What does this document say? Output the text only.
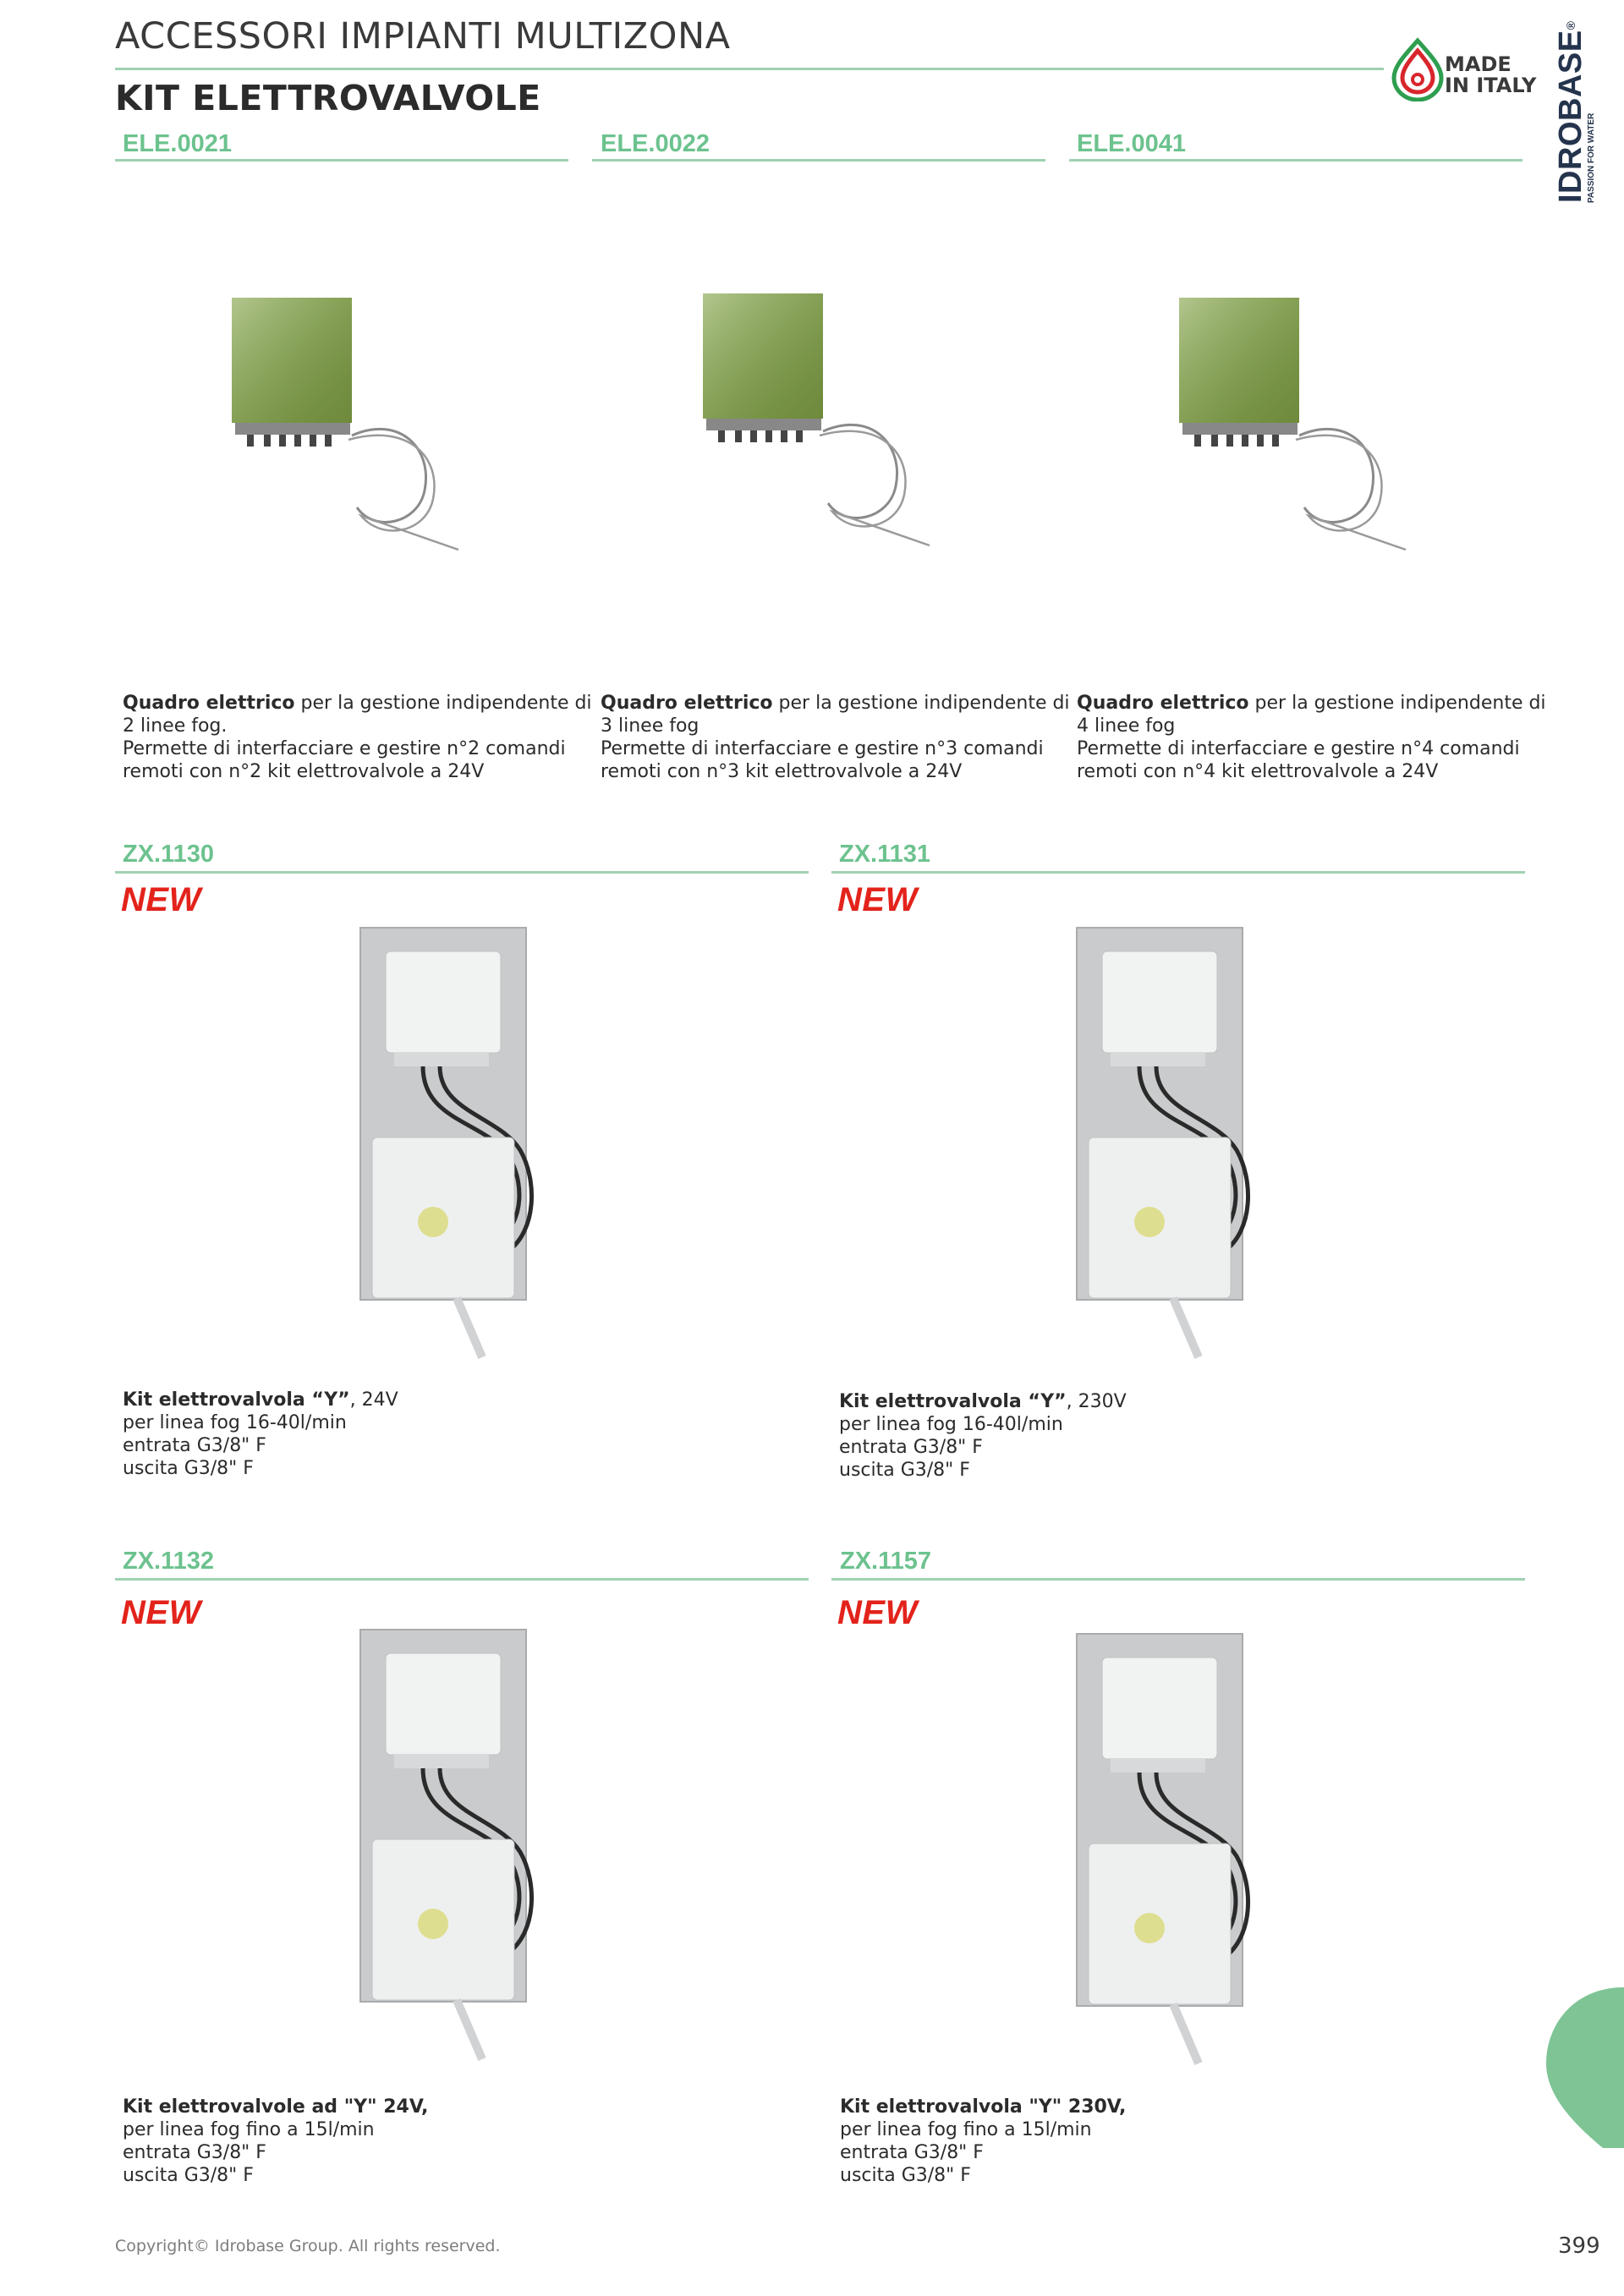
ACCESSORI IMPIANTI MULTIZONA
KIT ELETTROVALVOLE
MADE
IN ITALY IDROBASE®
PASSION FOR WATER
ELE.0021	ELE.0022	ELE.0041
Quadro elettrico per la gestione indipendente di
2 linee fog.
Permette di interfacciare e gestire n°2 comandi
remoti con n°2 kit elettrovalvole a 24V
Quadro elettrico per la gestione indipendente di
3 linee fog
Permette di interfacciare e gestire n°3 comandi
remoti con n°3 kit elettrovalvole a 24V
Quadro elettrico per la gestione indipendente di
4 linee fog
Permette di interfacciare e gestire n°4 comandi
remoti con n°4 kit elettrovalvole a 24V
ZX.1130
NEW
ZX.1131
NEW
Kit elettrovalvola “Y”, 24V
per linea fog 16-40l/min
entrata G3/8" F
uscita G3/8" F
Kit elettrovalvola “Y”, 230V
per linea fog 16-40l/min
entrata G3/8" F
uscita G3/8" F
ZX.1132
NEW
ZX.1157
NEW
Kit elettrovalvole ad "Y" 24V,
per linea fog fino a 15l/min
entrata G3/8" F
uscita G3/8" F
Kit elettrovalvola "Y" 230V,
per linea fog fino a 15l/min
entrata G3/8" F
uscita G3/8" F
Copyright© Idrobase Group. All rights reserved.	399
